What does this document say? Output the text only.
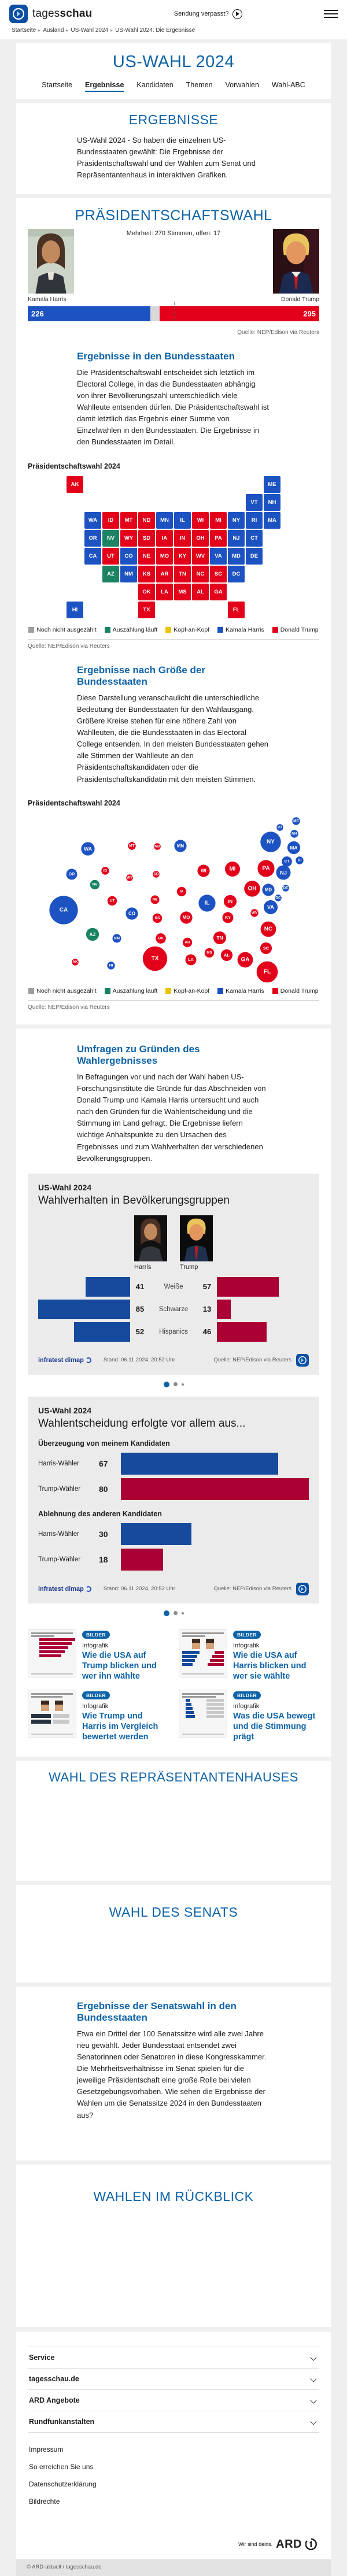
tagesschau	Sendung verpasst?
Startseite ▸ Ausland ▸ US-Wahl 2024 ▸ US-Wahl 2024: Die Ergebnisse
US-WAHL 2024
Startseite Ergebnisse Kandidaten Themen Vorwahlen Wahl-ABC
ERGEBNISSE

US-Wahl 2024 - So haben die einzelnen US-Bundesstaaten gewählt: Die Ergebnisse der Präsidentschaftswahl und der Wahlen zum Senat und Repräsentantenhaus in interaktiven Grafiken.

PRÄSIDENTSCHAFTSWAHL
Mehrheit: 270 Stimmen, offen: 17
Kamala Harris	Donald Trump
226	295
Quelle: NEP/Edison via Reuters
Ergebnisse in den Bundesstaaten

Die Präsidentschaftswahl entscheidet sich letztlich im Electoral College, in das die Bundesstaaten abhängig von ihrer Bevölkerungszahl unterschiedlich viele Wahlleute entsenden dürfen. Die Präsidentschaftswahl ist damit letztlich das Ergebnis einer Summe von Einzelwahlen in den Bundesstaaten. Die Ergebnisse in den Bundesstaaten im Detail.

Präsidentschaftswahl 2024
AK	ME
VT	NH
WA	ID	MT	ND	MN	IL	WI	MI	NY	RI	MA
OR	NV	WY	SD	IA	IN	OH	PA	NJ	CT
CA	UT	CO	NE	MO	KY	WV	VA	MD	DE
AZ	NM	KS	AR	TN	NC	SC	DC
OK	LA	MS	AL	GA
HI	TX	FL
Noch nicht ausgezählt	Auszählung läuft	Kopf-an-Kopf	Kamala Harris	Donald Trump
Quelle: NEP/Edison via Reuters
Ergebnisse nach Größe der Bundesstaaten

Diese Darstellung veranschaulicht die unterschiedliche Bedeutung der Bundesstaaten für den Wahlausgang. Größere Kreise stehen für eine höhere Zahl von Wahlleuten, die die Bundesstaaten in das Electoral College entsenden. In den meisten Bundesstaaten gehen alle Stimmen der Wahlleute an den Präsidentschaftskandidaten oder die Präsidentschaftskandidatin mit den meisten Stimmen.

Präsidentschaftswahl 2024
AK
ME
VT
NH
WA
ID
MT	ND	MN
IL
WI	MI
NY
RI
MA
OR
NV
WY
SD
IA
IN
OH
PA
NJ
CT
CA
UT
CO
NE
MO	KY
WV
VA
MD	DE
AZ
NM
KS
AR
TN
NC
SC
DC
OK
LA
MS	AL
GA
HI
TX
FL
Noch nicht ausgezählt	Auszählung läuft	Kopf-an-Kopf	Kamala Harris	Donald Trump
Quelle: NEP/Edison via Reuters
Umfragen zu Gründen des Wahlergebnisses

In Befragungen vor und nach der Wahl haben US-Forschungsinstitute die Gründe für das Abschneiden von Donald Trump und Kamala Harris untersucht und auch nach den Gründen für die Wahlentscheidung und die Stimmung im Land gefragt. Die Ergebnisse liefern wichtige Anhaltspunkte zu den Ursachen des Ergebnisses und zum Wahlverhalten der verschiedenen Bevölkerungsgruppen.

US-Wahl 2024
Wahlverhalten in Bevölkerungsgruppen
Harris	Trump
41	Weiße	57
85	Schwarze	13
52	Hispanics	46
infratest dimap	Stand: 06.11.2024, 20:52 Uhr	Quelle: NEP/Edison via Reuters
US-Wahl 2024
Wahlentscheidung erfolgte vor allem aus...
Überzeugung von meinem Kandidaten
Harris-Wähler	67
Trump-Wähler	80
Ablehnung des anderen Kandidaten
Harris-Wähler	30
Trump-Wähler	18
infratest dimap	Stand: 06.11.2024, 20:52 Uhr	Quelle: NEP/Edison via Reuters
BILDER
Infografik
Wie die USA auf Trump blicken und wer ihn wählte
BILDER
Infografik
Wie die USA auf Harris blicken und wer sie wählte
BILDER
Infografik
Wie Trump und Harris im Vergleich bewertet werden
BILDER
Infografik
Was die USA bewegt und die Stimmung prägt
WAHL DES REPRÄSENTANTENHAUSES
WAHL DES SENATS
Ergebnisse der Senatswahl in den Bundesstaaten

Etwa ein Drittel der 100 Senatssitze wird alle zwei Jahre neu gewählt. Jeder Bundesstaat entsendet zwei Senatorinnen oder Senatoren in diese Kongresskammer. Die Mehrheitsverhältnisse im Senat spielen für die jeweilige Präsidentschaft eine große Rolle bei vielen Gesetzgebungsvorhaben. Wie sehen die Ergebnisse der Wahlen um die Senatssitze 2024 in den Bundesstaaten aus?

WAHLEN IM RÜCKBLICK
Service
tagesschau.de
ARD Angebote
Rundfunkanstalten
Impressum
So erreichen Sie uns
Datenschutzerklärung
Bildrechte
Wir sind deins. ARD
© ARD-aktuell / tagesschau.de
